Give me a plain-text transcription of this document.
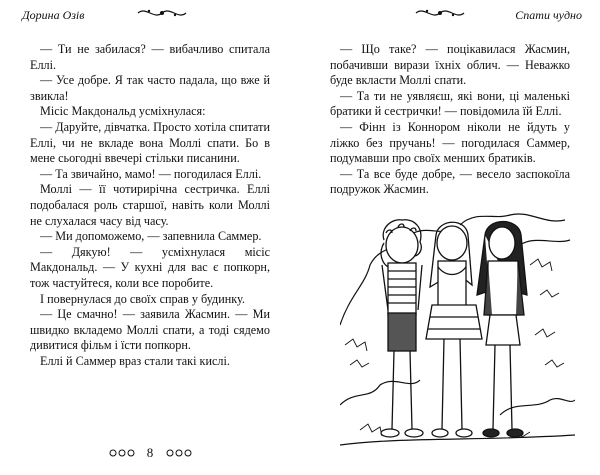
Дорина Озів	Спати чудно

— Ти не забилася? — вибачливо спитала Еллі.

— Усе добре. Я так часто падала, що вже й звикла!

Місіс Макдональд усміхнулася:

— Даруйте, дівчатка. Просто хотіла спитати Еллі, чи не вкладе вона Моллі спати. Бо в мене сьогодні ввечері стільки писанини.

— Та звичайно, мамо! — погодилася Еллі.

Моллі — її чотирирічна сестричка. Еллі подобалася роль старшої, навіть коли Моллі не слухалася часу від часу.

— Ми допоможемо, — запевнила Саммер.

— Дякую! — усміхнулася місіс Макдональд. — У кухні для вас є попкорн, тож частуйтеся, коли все поробите.

І повернулася до своїх справ у будинку.

— Це смачно! — заявила Жасмин. — Ми швидко вкладемо Моллі спати, а тоді сядемо дивитися фільм і їсти попкорн.

Еллі й Саммер враз стали такі кислі.

— Що таке? — поцікавилася Жасмин, побачивши вирази їхніх облич. — Неважко буде вкласти Моллі спати.

— Та ти не уявляєш, які вони, ці маленькі братики й сестрички! — повідомила їй Еллі.

— Фінн із Коннором ніколи не йдуть у ліжко без пручань! — погодилася Саммер, подумавши про своїх менших братиків.

— Та все буде добре, — весело заспокоїла подружок Жасмин.

8
